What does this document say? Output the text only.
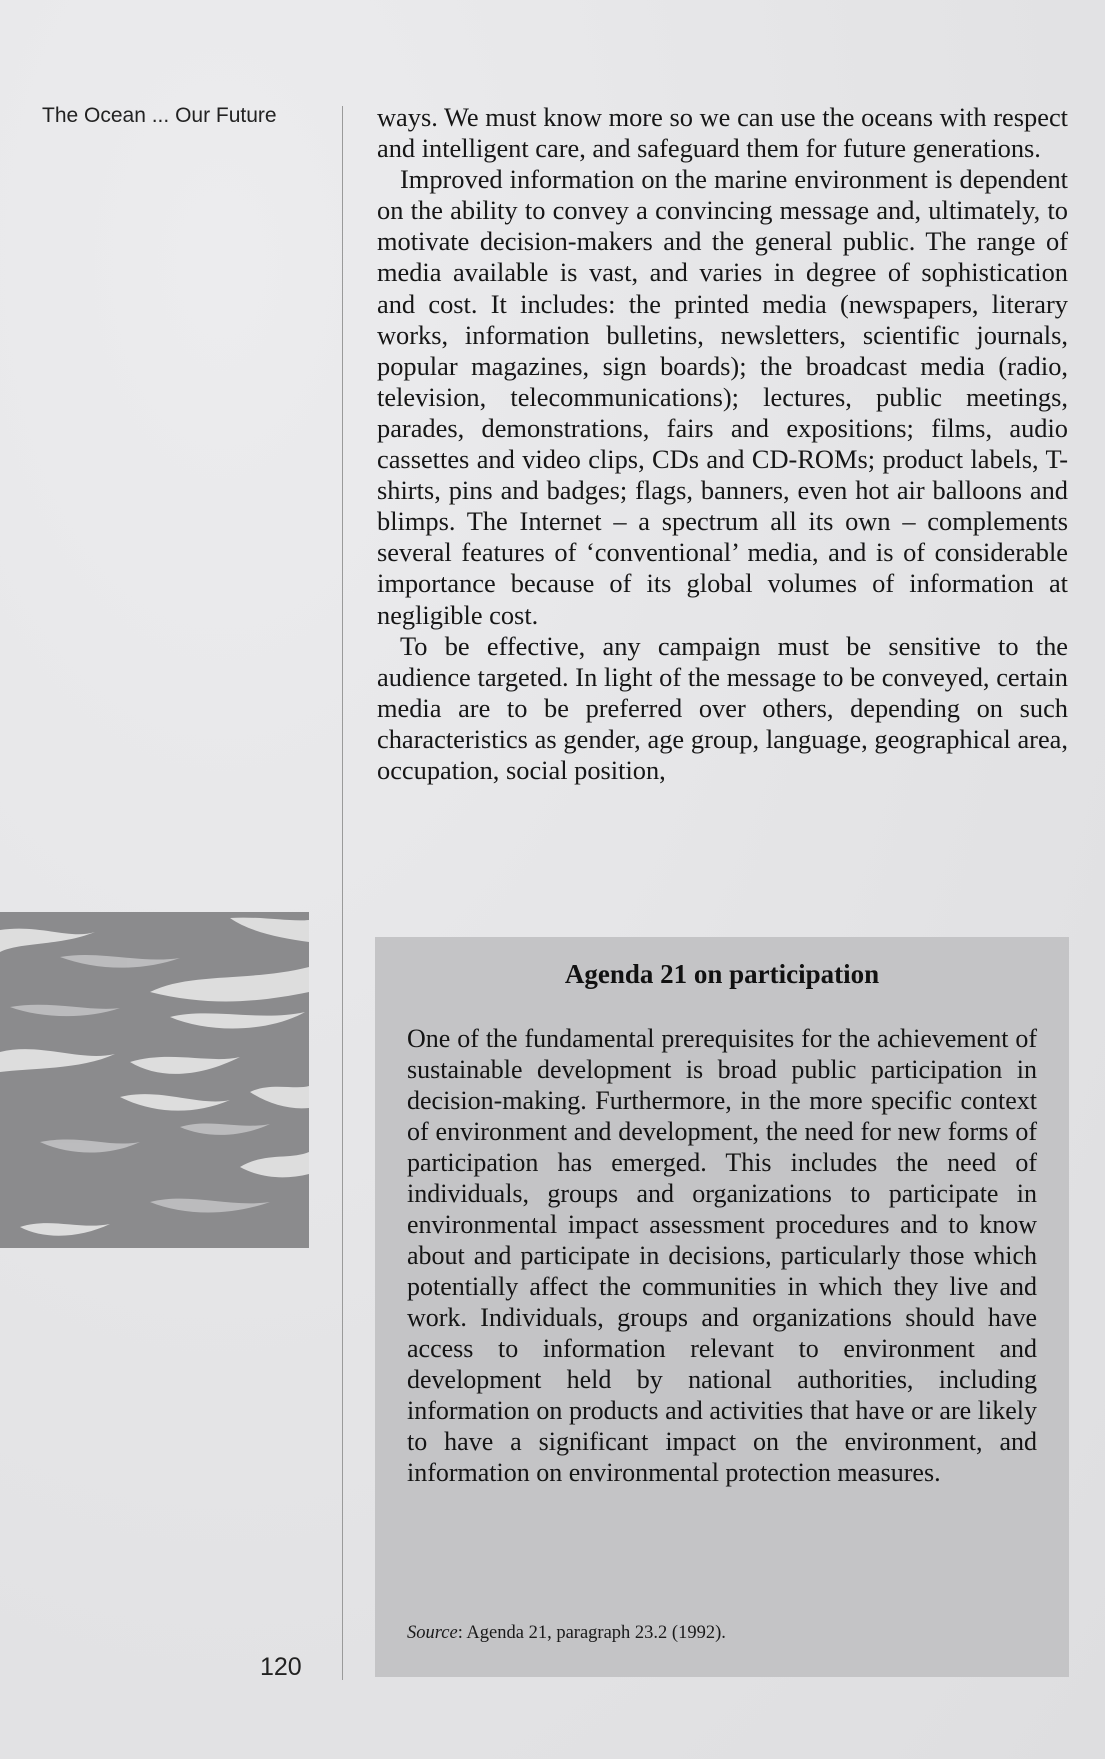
The Ocean ... Our Future	ways. We must know more so we can use the oceans with respect and intelligent care, and safeguard them for future generations.

Improved information on the marine environment is dependent on the ability to convey a convincing message and, ultimately, to motivate decision-makers and the general public. The range of media available is vast, and varies in degree of sophistication and cost. It includes: the printed media (newspapers, literary works, information bulletins, newsletters, scientific journals, popular magazines, sign boards); the broadcast media (radio, television, telecommunications); lectures, public meetings, parades, demonstrations, fairs and expositions; films, audio cassettes and video clips, CDs and CD-ROMs; product labels, T-shirts, pins and badges; flags, banners, even hot air balloons and blimps. The Internet – a spectrum all its own – complements several features of ‘conventional’ media, and is of considerable importance because of its global volumes of information at negligible cost.

To be effective, any campaign must be sensitive to the audience targeted. In light of the message to be conveyed, certain media are to be preferred over others, depending on such characteristics as gender, age group, language, geographical area, occupation, social position,

Agenda 21 on participation

One of the fundamental prerequisites for the achievement of sustainable development is broad public participation in decision-making. Furthermore, in the more specific context of environment and development, the need for new forms of participation has emerged. This includes the need of individuals, groups and organizations to participate in environmental impact assessment procedures and to know about and participate in decisions, particularly those which potentially affect the communities in which they live and work. Individuals, groups and organizations should have access to information relevant to environment and development held by national authorities, including information on products and activities that have or are likely to have a significant impact on the environment, and information on environmental protection measures.

Source: Agenda 21, paragraph 23.2 (1992).
120
